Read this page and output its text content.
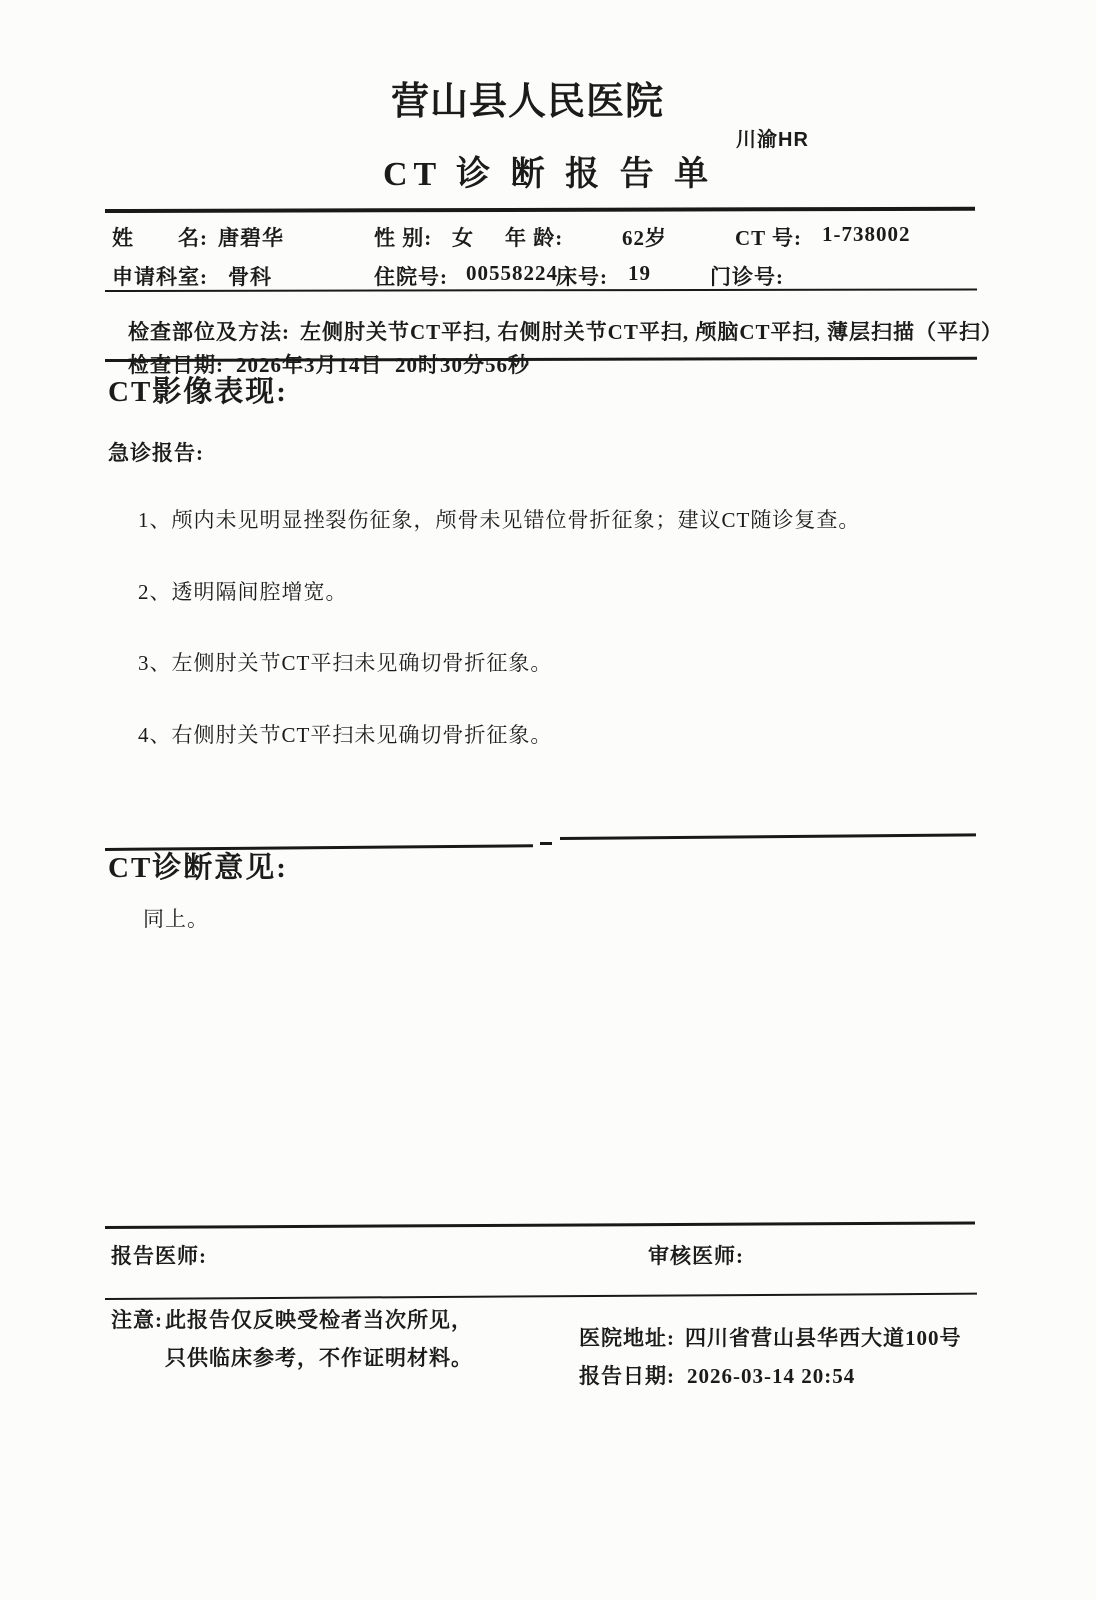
营山县人民医院
CT 诊 断 报 告 单
川渝HR
姓　　名: 唐碧华	性 别: 女 年 龄:	62岁	CT 号: 1-738002
申请科室: 骨科	住院号: 00558224
床号: 19	门诊号:

检查部位及方法: 左侧肘关节CT平扫, 右侧肘关节CT平扫, 颅脑CT平扫, 薄层扫描（平扫）

检查日期: 2026年3月14日  20时30分56秒

CT影像表现:
急诊报告:

1、颅内未见明显挫裂伤征象，颅骨未见错位骨折征象；建议CT随诊复查。

2、透明隔间腔增宽。

3、左侧肘关节CT平扫未见确切骨折征象。

4、右侧肘关节CT平扫未见确切骨折征象。

CT诊断意见:
同上。
报告医师:	审核医师:
注意: 此报告仅反映受检者当次所见，
只供临床参考，不作证明材料。

医院地址: 四川省营山县华西大道100号

报告日期: 2026-03-14 20:54
